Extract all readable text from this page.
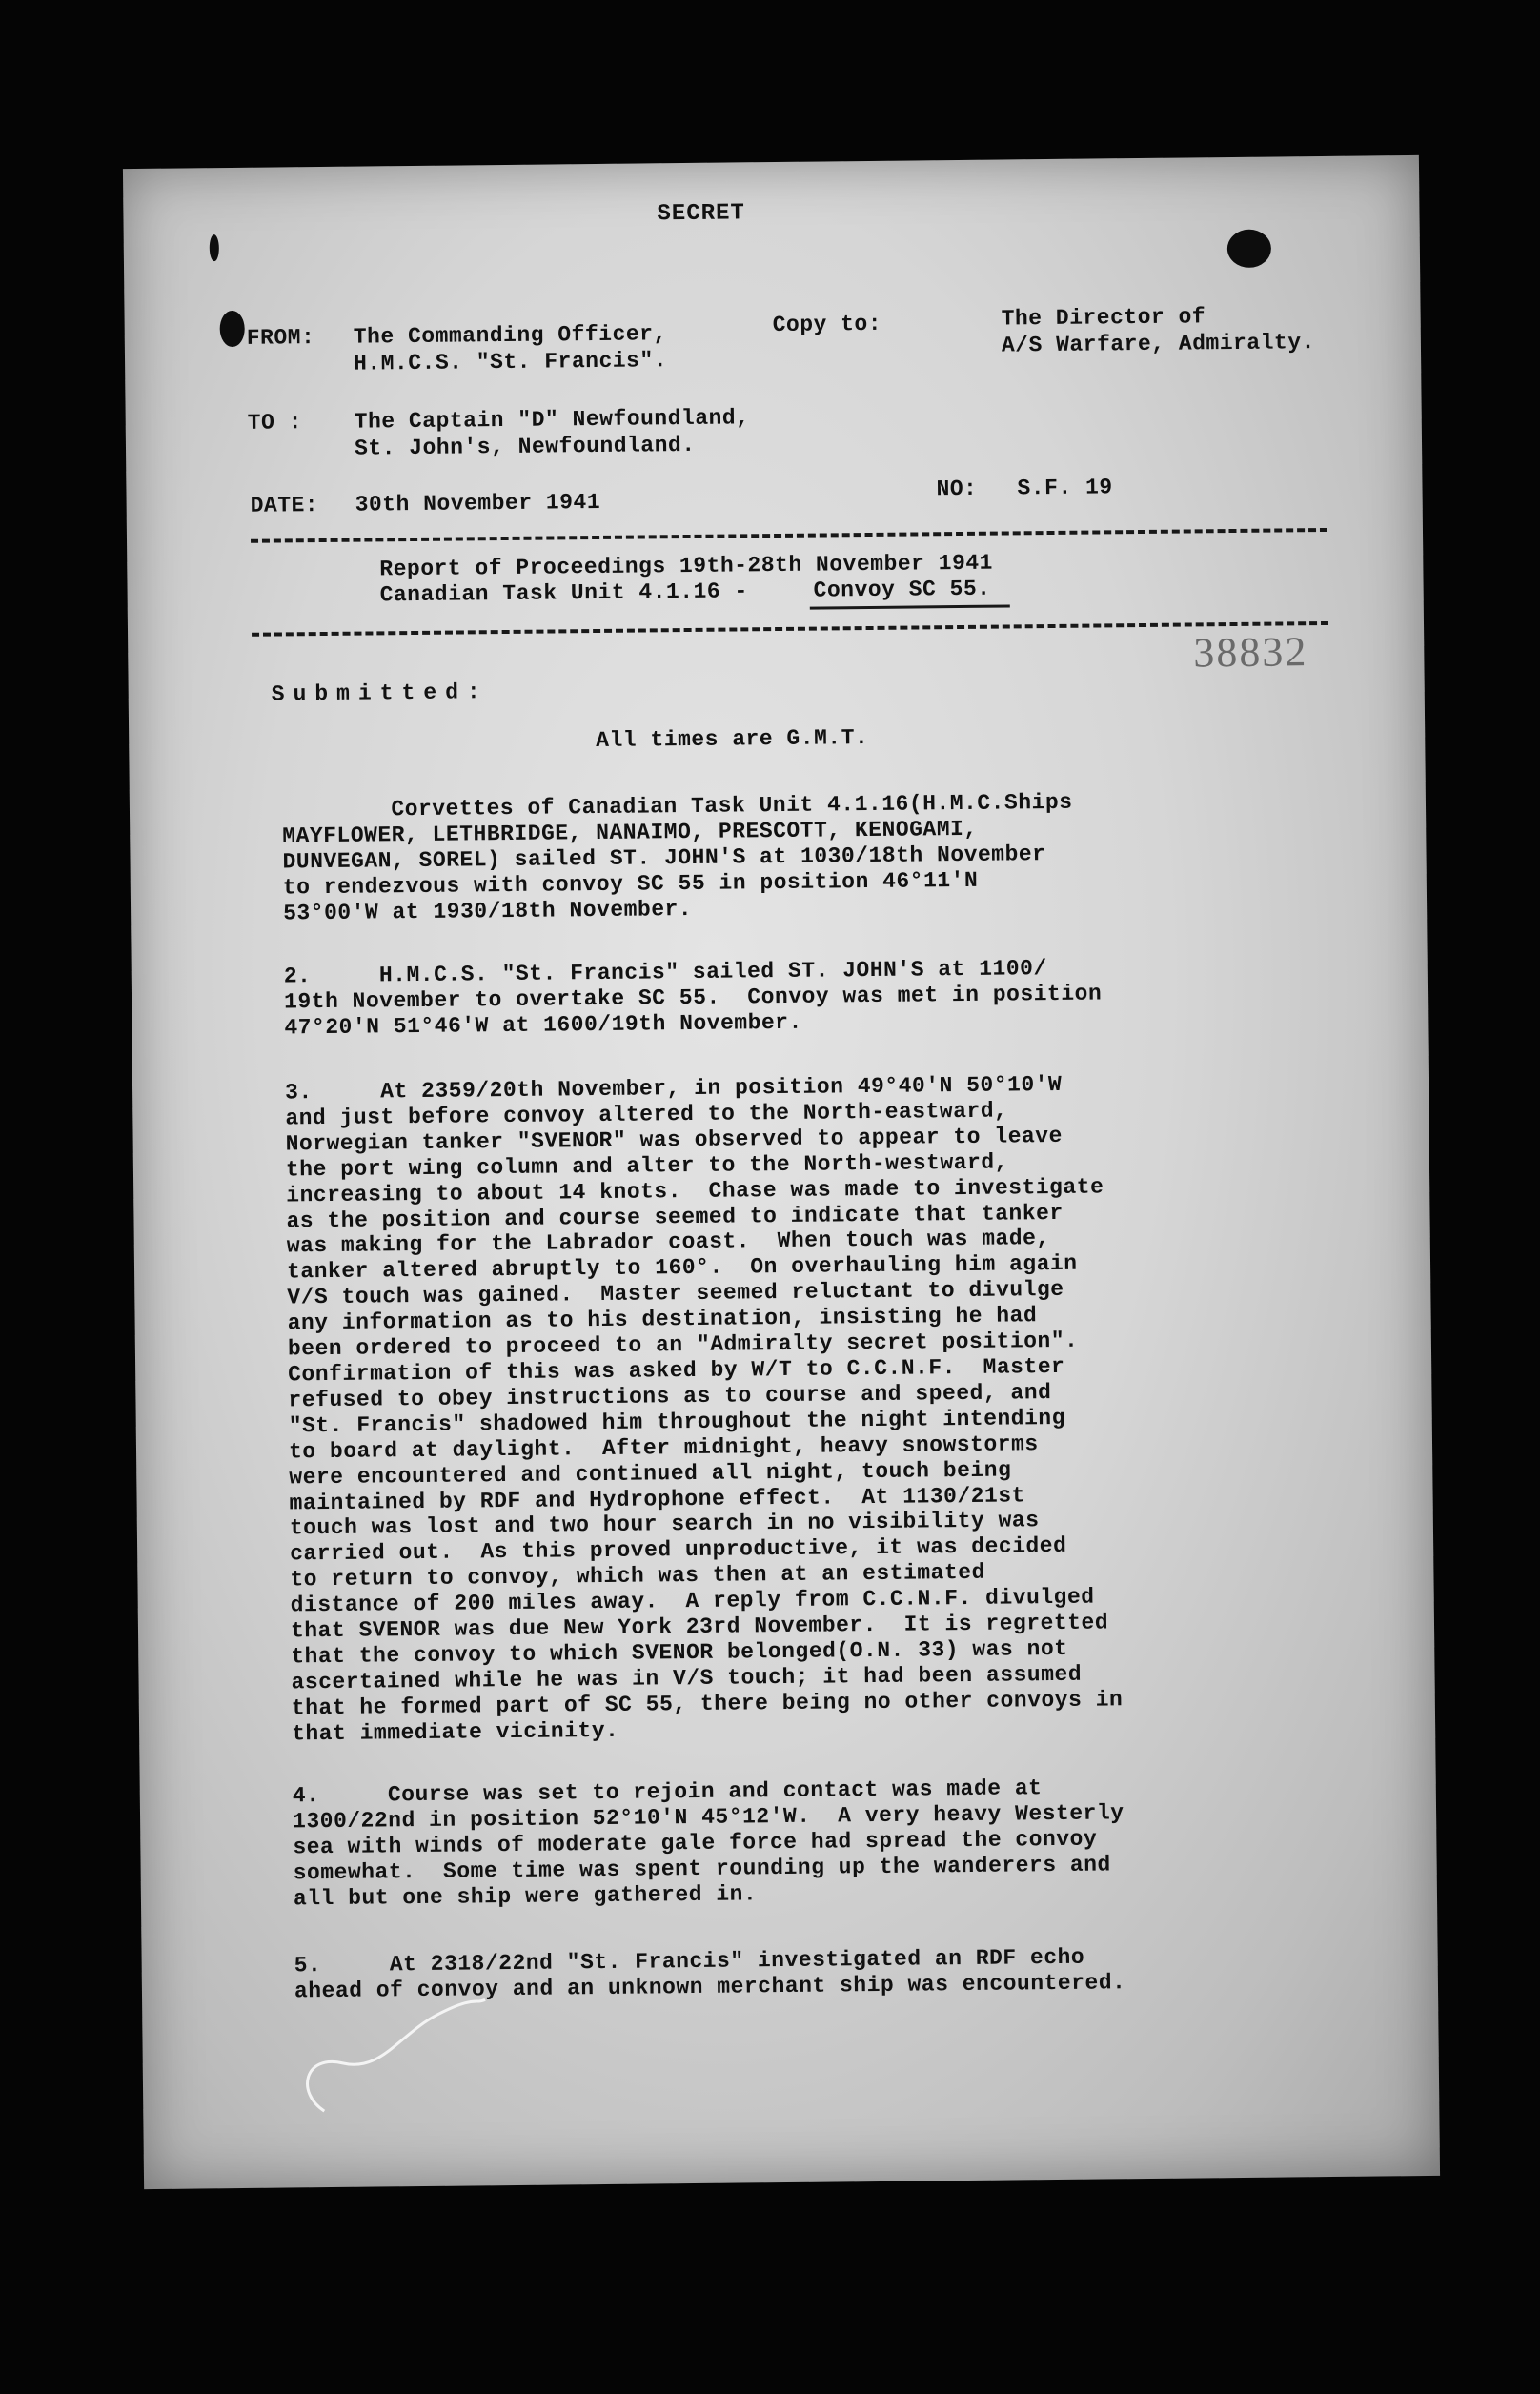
SECRET
FROM: The Commanding Officer,
H.M.C.S. "St. Francis".
Copy to:	The Director of
A/S Warfare, Admiralty.
TO : The Captain "D" Newfoundland,
St. John's, Newfoundland.
DATE: 30th November 1941
NO: S.F. 19
Report of Proceedings 19th-28th November 1941
Canadian Task Unit 4.1.16 - Convoy SC 55.
38832
Submitted:
All times are G.M.T.
Corvettes of Canadian Task Unit 4.1.16(H.M.C.Ships
MAYFLOWER, LETHBRIDGE, NANAIMO, PRESCOTT, KENOGAMI,
DUNVEGAN, SOREL) sailed ST. JOHN'S at 1030/18th November
to rendezvous with convoy SC 55 in position 46°11'N
53°00'W at 1930/18th November.
2.     H.M.C.S. "St. Francis" sailed ST. JOHN'S at 1100/
19th November to overtake SC 55.  Convoy was met in position
47°20'N 51°46'W at 1600/19th November.
3.     At 2359/20th November, in position 49°40'N 50°10'W
and just before convoy altered to the North-eastward,
Norwegian tanker "SVENOR" was observed to appear to leave
the port wing column and alter to the North-westward,
increasing to about 14 knots.  Chase was made to investigate
as the position and course seemed to indicate that tanker
was making for the Labrador coast.  When touch was made,
tanker altered abruptly to 160°.  On overhauling him again
V/S touch was gained.  Master seemed reluctant to divulge
any information as to his destination, insisting he had
been ordered to proceed to an "Admiralty secret position".
Confirmation of this was asked by W/T to C.C.N.F.  Master
refused to obey instructions as to course and speed, and
"St. Francis" shadowed him throughout the night intending
to board at daylight.  After midnight, heavy snowstorms
were encountered and continued all night, touch being
maintained by RDF and Hydrophone effect.  At 1130/21st
touch was lost and two hour search in no visibility was
carried out.  As this proved unproductive, it was decided
to return to convoy, which was then at an estimated
distance of 200 miles away.  A reply from C.C.N.F. divulged
that SVENOR was due New York 23rd November.  It is regretted
that the convoy to which SVENOR belonged(O.N. 33) was not
ascertained while he was in V/S touch; it had been assumed
that he formed part of SC 55, there being no other convoys in
that immediate vicinity.
4.     Course was set to rejoin and contact was made at
1300/22nd in position 52°10'N 45°12'W.  A very heavy Westerly
sea with winds of moderate gale force had spread the convoy
somewhat.  Some time was spent rounding up the wanderers and
all but one ship were gathered in.
5.     At 2318/22nd "St. Francis" investigated an RDF echo
ahead of convoy and an unknown merchant ship was encountered.
